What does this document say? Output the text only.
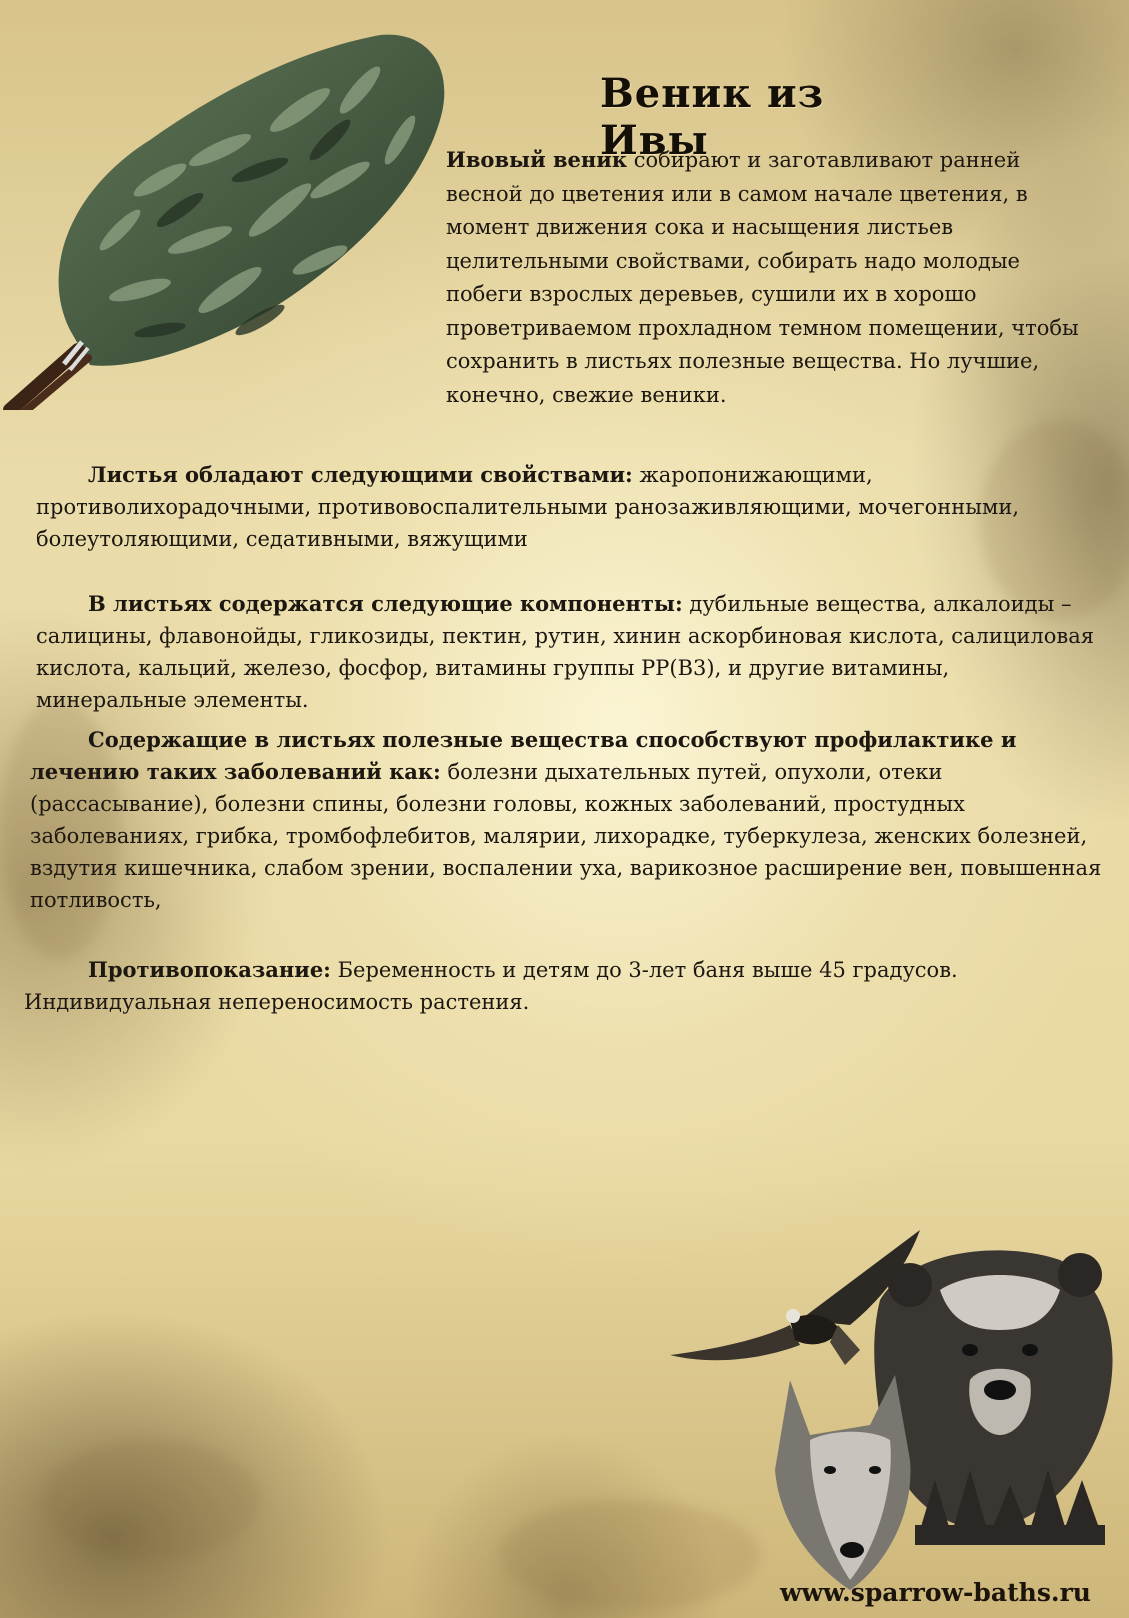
Веник из Ивы
Ивовый веник собирают и заготавливают ранней весной до цветения или в самом начале цветения, в момент движения сока и насыщения листьев целительными свойствами, собирать надо молодые побеги взрослых деревьев, сушили их в хорошо проветриваемом прохладном темном помещении, чтобы сохранить в листьях полезные вещества. Но лучшие, конечно, свежие веники.
Листья обладают следующими свойствами: жаропонижающими, противолихорадочными, противовоспалительными ранозаживляющими, мочегонными, болеутоляющими, седативными, вяжущими
В листьях содержатся следующие компоненты: дубильные вещества, алкалоиды – салицины, флавонойды, гликозиды, пектин, рутин, хинин аскорбиновая кислота, салициловая кислота, кальций, железо, фосфор, витамины группы РР(В3), и другие витамины, минеральные элементы.
Содержащие в листьях полезные вещества способствуют профилактике и лечению таких заболеваний как: болезни дыхательных путей, опухоли, отеки (рассасывание), болезни спины, болезни головы, кожных заболеваний, простудных заболеваниях, грибка, тромбофлебитов, малярии, лихорадке, туберкулеза, женских болезней, вздутия кишечника, слабом зрении, воспалении уха, варикозное расширение вен, повышенная потливость,
Противопоказание: Беременность и детям до 3-лет баня выше 45 градусов. Индивидуальная непереносимость растения.
www.sparrow-baths.ru
